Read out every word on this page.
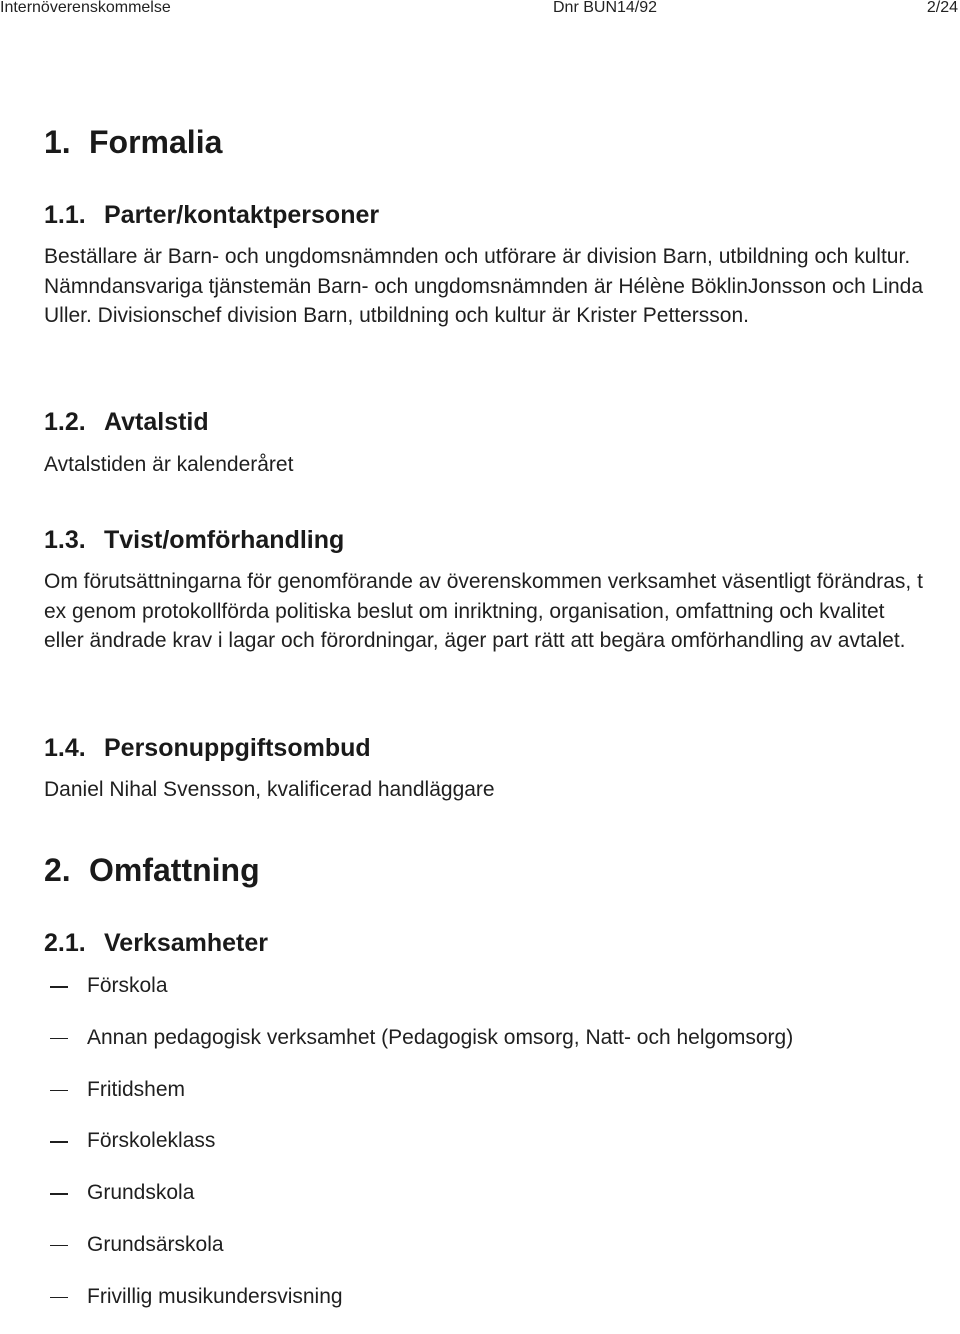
Internöverenskommelse	Dnr BUN14/92	2/24
1. Formalia
1.1. Parter/kontaktpersoner

Beställare är Barn- och ungdomsnämnden och utförare är division Barn, utbildning och kultur. Nämndansvariga tjänstemän Barn- och ungdomsnämnden är Hélène BöklinJonsson och Linda Uller. Divisionschef division Barn, utbildning och kultur är Krister Pettersson.

1.2. Avtalstid

Avtalstiden är kalenderåret

1.3. Tvist/omförhandling

Om förutsättningarna för genomförande av överenskommen verksamhet väsentligt förändras, t ex genom protokollförda politiska beslut om inriktning, organisation, omfattning och kvalitet eller ändrade krav i lagar och förordningar, äger part rätt att begära omförhandling av avtalet.

1.4. Personuppgiftsombud

Daniel Nihal Svensson, kvalificerad handläggare

2. Omfattning
2.1. Verksamheter
Förskola
Annan pedagogisk verksamhet (Pedagogisk omsorg, Natt- och helgomsorg)
Fritidshem
Förskoleklass
Grundskola
Grundsärskola
Frivillig musikundersvisning
